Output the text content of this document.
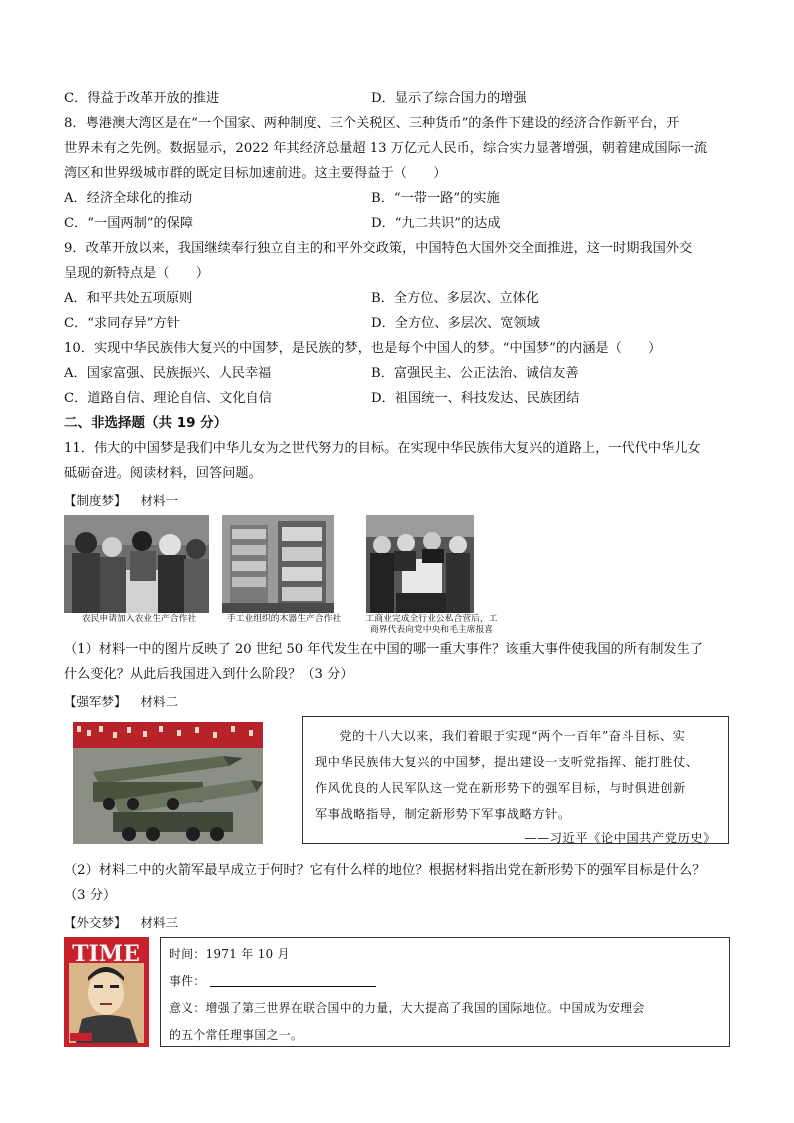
C．得益于改革开放的推进	D．显示了综合国力的增强
8．粤港澳大湾区是在“一个国家、两种制度、三个关税区、三种货币”的条件下建设的经济合作新平台，开
世界未有之先例。数据显示，2022 年其经济总量超 13 万亿元人民币，综合实力显著增强，朝着建成国际一流
湾区和世界级城市群的既定目标加速前进。这主要得益于（　　）
A．经济全球化的推动	B．“一带一路”的实施
C．“一国两制”的保障	D．“九二共识”的达成
9．改革开放以来，我国继续奉行独立自主的和平外交政策，中国特色大国外交全面推进，这一时期我国外交
呈现的新特点是（　　）
A．和平共处五项原则	B．全方位、多层次、立体化
C．“求同存异”方针	D．全方位、多层次、宽领域
10．实现中华民族伟大复兴的中国梦，是民族的梦，也是每个中国人的梦。“中国梦”的内涵是（　　）
A．国家富强、民族振兴、人民幸福	B．富强民主、公正法治、诚信友善
C．道路自信、理论自信、文化自信	D．祖国统一、科技发达、民族团结
二、非选择题（共 19 分）
11．伟大的中国梦是我们中华儿女为之世代努力的目标。在实现中华民族伟大复兴的道路上，一代代中华儿女
砥砺奋进。阅读材料，回答问题。
【制度梦】 材料一
农民申请加入农业生产合作社	手工业组织的木器生产合作社	工商业完成全行业公私合营后，工
商界代表向党中央和毛主席报喜
（1）材料一中的图片反映了 20 世纪 50 年代发生在中国的哪一重大事件？该重大事件使我国的所有制发生了
什么变化？从此后我国进入到什么阶段？（3 分）
【强军梦】 材料二
党的十八大以来，我们着眼于实现“两个一百年”奋斗目标、实
现中华民族伟大复兴的中国梦，提出建设一支听党指挥、能打胜仗、
作风优良的人民军队这一党在新形势下的强军目标，与时俱进创新
军事战略指导，制定新形势下军事战略方针。
——习近平《论中国共产党历史》
（2）材料二中的火箭军最早成立于何时？它有什么样的地位？根据材料指出党在新形势下的强军目标是什么？
（3 分）
【外交梦】 材料三
TIME 时间：1971 年 10 月
事件：
意义：增强了第三世界在联合国中的力量，大大提高了我国的国际地位。中国成为安理会
的五个常任理事国之一。
